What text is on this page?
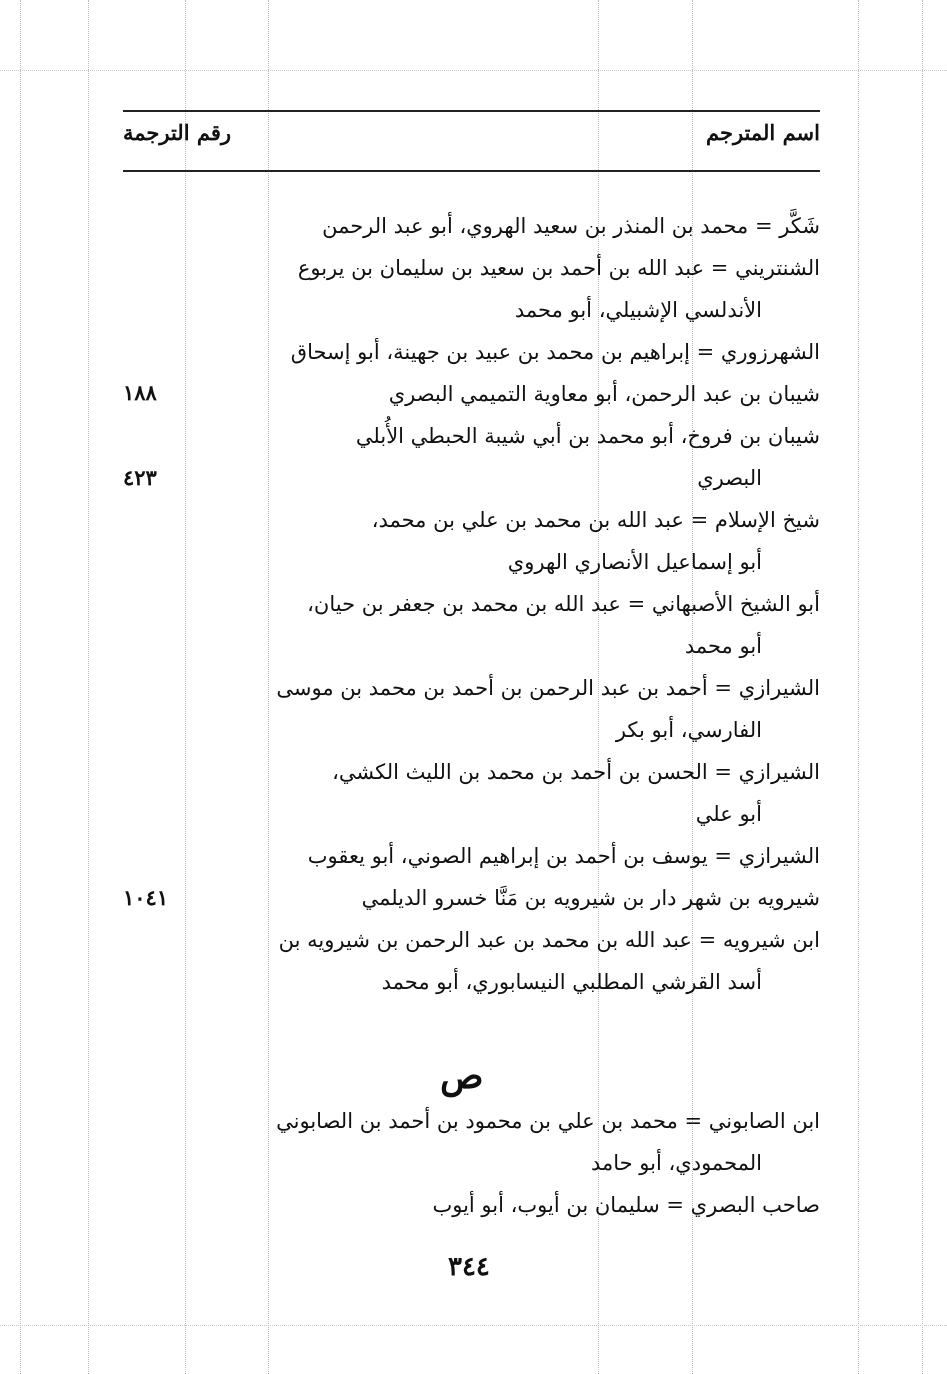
اسم المترجم
رقم الترجمة
شَكَّر = محمد بن المنذر بن سعيد الهروي، أبو عبد الرحمن
الشنتريني = عبد الله بن أحمد بن سعيد بن سليمان بن يربوع
الأندلسي الإشبيلي، أبو محمد
الشهرزوري = إبراهيم بن محمد بن عبيد بن جهينة، أبو إسحاق
شيبان بن عبد الرحمن، أبو معاوية التميمي البصري
شيبان بن فروخ، أبو محمد بن أبي شيبة الحبطي الأُبلي
البصري
شيخ الإسلام = عبد الله بن محمد بن علي بن محمد،
أبو إسماعيل الأنصاري الهروي
أبو الشيخ الأصبهاني = عبد الله بن محمد بن جعفر بن حيان،
أبو محمد
الشيرازي = أحمد بن عبد الرحمن بن أحمد بن محمد بن موسى
الفارسي، أبو بكر
الشيرازي = الحسن بن أحمد بن محمد بن الليث الكشي،
أبو علي
الشيرازي = يوسف بن أحمد بن إبراهيم الصوني، أبو يعقوب
شيرويه بن شهر دار بن شيرويه بن مَنَّا خسرو الديلمي
ابن شيرويه = عبد الله بن محمد بن عبد الرحمن بن شيرويه بن
أسد القرشي المطلبي النيسابوري، أبو محمد
١٨٨
٤٢٣
١٠٤١
ص
ابن الصابوني = محمد بن علي بن محمود بن أحمد بن الصابوني
المحمودي، أبو حامد
صاحب البصري = سليمان بن أيوب، أبو أيوب
٣٤٤
